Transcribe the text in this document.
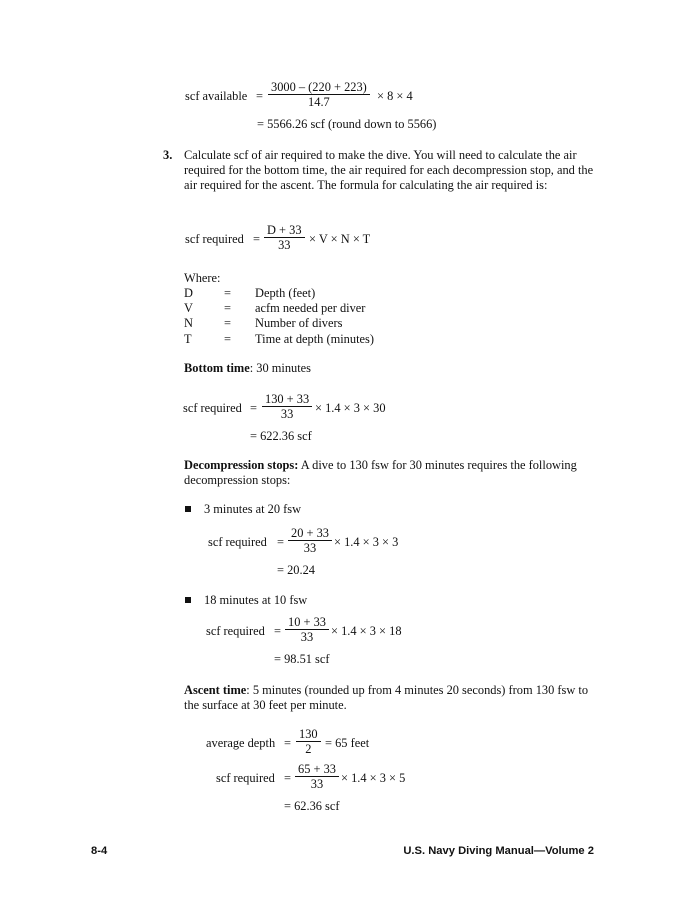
scf available = $\frac{3000 - (220 + 223)}{14.7} \times 8 \times 4$
= 5566.26 scf (round down to 5566)
3. Calculate scf of air required to make the dive. You will need to calculate the air required for the bottom time, the air required for each decompression stop, and the air required for the ascent. The formula for calculating the air required is:
scf required = $\frac{D + 33}{33} \times V \times N \times T$
Where:
D	=	Depth (feet)
V	=	acfm needed per diver
N	=	Number of divers
T	=	Time at depth (minutes)
Bottom time: 30 minutes
scf required = $\frac{130 + 33}{33} \times 1.4 \times 3 \times 30$
= 622.36 scf
Decompression stops: A dive to 130 fsw for 30 minutes requires the following decompression stops:
3 minutes at 20 fsw
scf required = $\frac{20 + 33}{33} \times 1.4 \times 3 \times 3$
= 20.24
18 minutes at 10 fsw
scf required = $\frac{10 + 33}{33} \times 1.4 \times 3 \times 18$
= 98.51 scf
Ascent time: 5 minutes (rounded up from 4 minutes 20 seconds) from 130 fsw to the surface at 30 feet per minute.
average depth = $\frac{130}{2} = 65$ feet
scf required = $\frac{65 + 33}{33} \times 1.4 \times 3 \times 5$
= 62.36 scf
8-4	U.S. Navy Diving Manual—Volume 2
